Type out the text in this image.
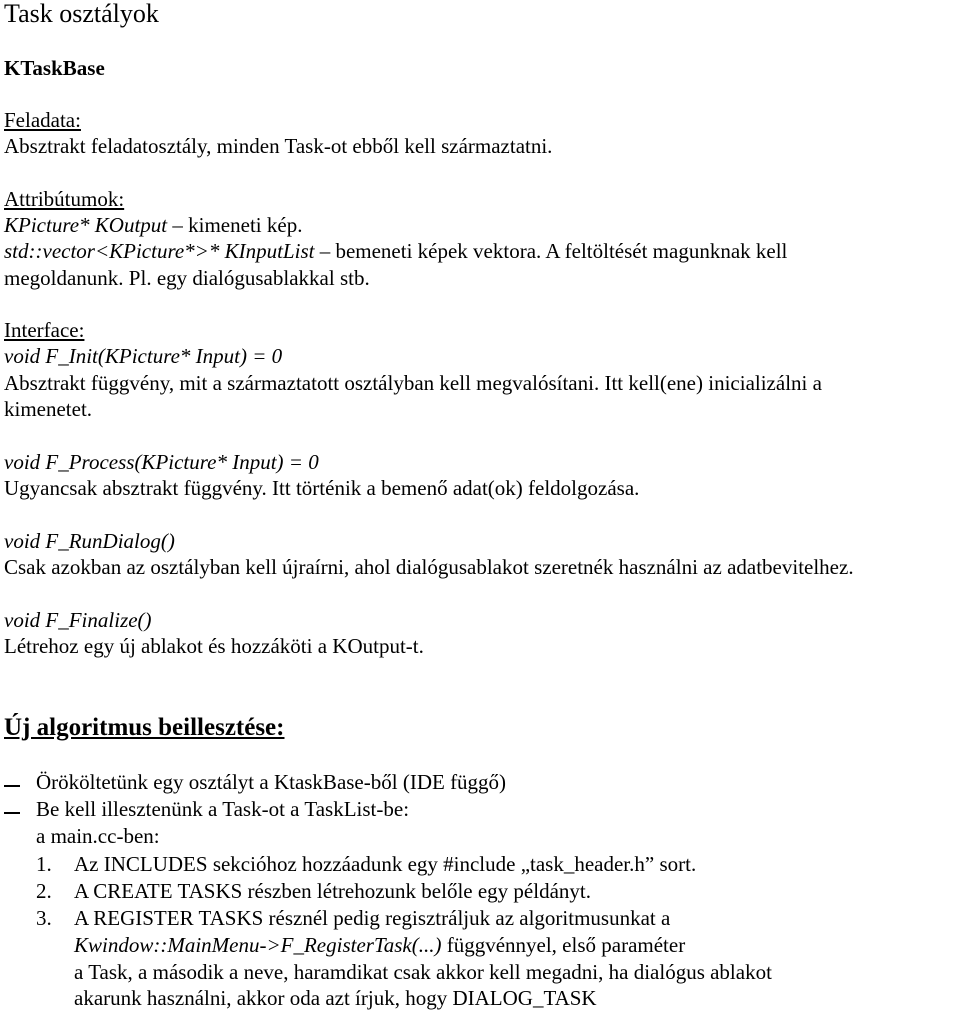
Task osztályok
KTaskBase
Feladata:
Absztrakt feladatosztály, minden Task-ot ebből kell származtatni.
Attribútumok:
KPicture* KOutput – kimeneti kép.
std::vector<KPicture*>* KInputList – bemeneti képek vektora. A feltöltését magunknak kell
megoldanunk. Pl. egy dialógusablakkal stb.
Interface:
void F_Init(KPicture* Input) = 0
Absztrakt függvény, mit a származtatott osztályban kell megvalósítani. Itt kell(ene) inicializálni a
kimenetet.
void F_Process(KPicture* Input) = 0
Ugyancsak absztrakt függvény. Itt történik a bemenő adat(ok) feldolgozása.
void F_RunDialog()
Csak azokban az osztályban kell újraírni, ahol dialógusablakot szeretnék használni az adatbevitelhez.
void F_Finalize()
Létrehoz egy új ablakot és hozzáköti a KOutput-t.
Új algoritmus beillesztése:
Örököltetünk egy osztályt a KtaskBase-ből (IDE függő)
Be kell illesztenünk a Task-ot a TaskList-be:
a main.cc-ben:
1. Az INCLUDES sekcióhoz hozzáadunk egy #include „task_header.h” sort.
2. A CREATE TASKS részben létrehozunk belőle egy példányt.
3. A REGISTER TASKS résznél pedig regisztráljuk az algoritmusunkat a
Kwindow::MainMenu->F_RegisterTask(...) függvénnyel, első paraméter
a Task, a második a neve, haramdikat csak akkor kell megadni, ha dialógus ablakot
akarunk használni, akkor oda azt írjuk, hogy DIALOG_TASK
